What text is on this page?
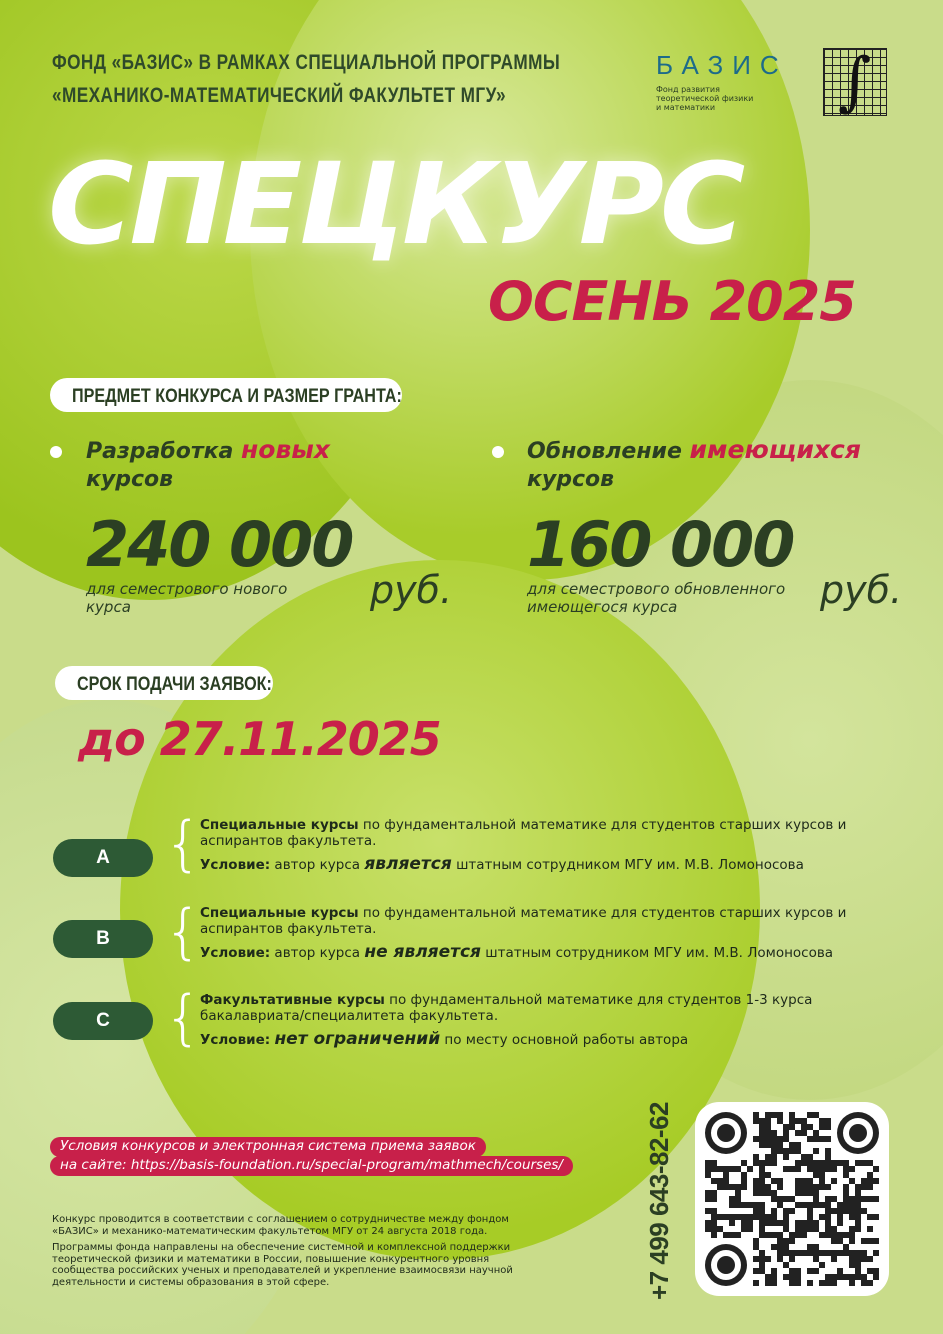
ФОНД «БАЗИС» В РАМКАХ СПЕЦИАЛЬНОЙ ПРОГРАММЫ
«МЕХАНИКО-МАТЕМАТИЧЕСКИЙ ФАКУЛЬТЕТ МГУ»
БАЗИС
Фонд развития
теоретической физики
и математики	∫
СПЕЦКУРС
ОСЕНЬ 2025
ПРЕДМЕТ КОНКУРСА И РАЗМЕР ГРАНТА:
Разработка новых
курсов
240 000
для семестрового нового курса	руб.
Обновление имеющихся
курсов
160 000
для семестрового обновленного имеющегося курса	руб.
СРОК ПОДАЧИ ЗАЯВОК:
до 27.11.2025
A {
Специальные курсы по фундаментальной математике для студентов старших курсов и аспирантов факультета.
Условие: автор курса является штатным сотрудником МГУ им. М.В. Ломоносова
B {
Специальные курсы по фундаментальной математике для студентов старших курсов и аспирантов факультета.
Условие: автор курса не является штатным сотрудником МГУ им. М.В. Ломоносова
C {
Факультативные курсы по фундаментальной математике для студентов 1-3 курса бакалавриата/специалитета факультета.
Условие: нет ограничений по месту основной работы автора
Условия конкурсов и электронная система приема заявок
на сайте: https://basis-foundation.ru/special-program/mathmech/courses/

Конкурс проводится в соответствии с соглашением о сотрудничестве между фондом «БАЗИС» и механико-математическим факультетом МГУ от 24 августа 2018 года.

Программы фонда направлены на обеспечение системной и комплексной поддержки теоретической физики и математики в России, повышение конкурентного уровня сообщества российских ученых и преподавателей и укрепление взаимосвязи научной деятельности и системы образования в этой сфере.	+7 499 643-82-62
